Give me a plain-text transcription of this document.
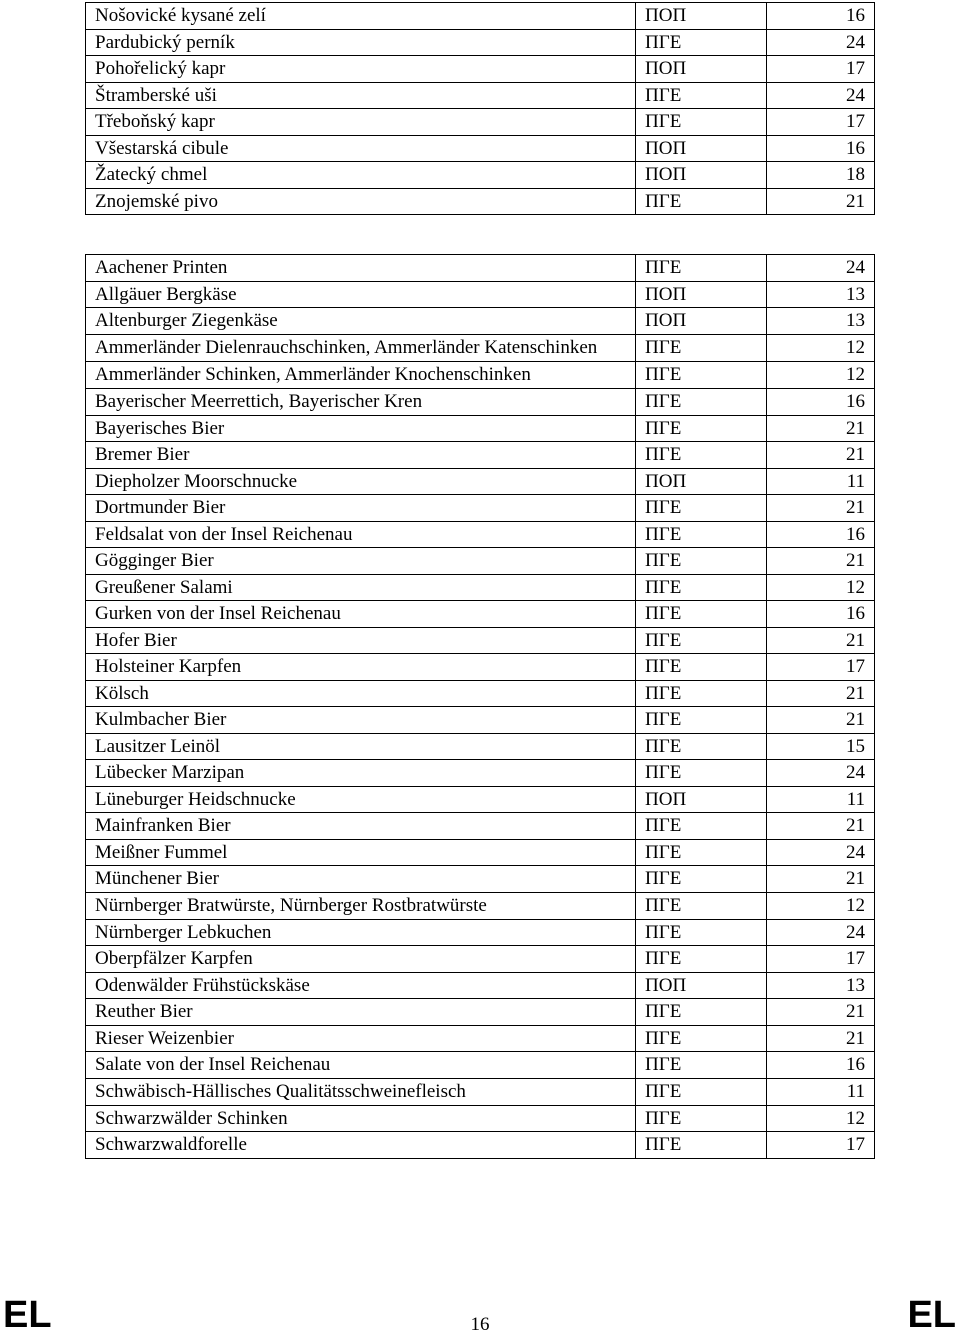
Nošovické kysané zelí	ПОП	16
Pardubický perník	ПГЕ	24
Pohořelický kapr	ПОП	17
Štramberské uši	ПГЕ	24
Třeboňský kapr	ПГЕ	17
Všestarská cibule	ПОП	16
Žatecký chmel	ПОП	18
Znojemské pivo	ПГЕ	21
Aachener Printen	ПГЕ	24
Allgäuer Bergkäse	ПОП	13
Altenburger Ziegenkäse	ПОП	13
Ammerländer Dielenrauchschinken, Ammerländer Katenschinken	ПГЕ	12
Ammerländer Schinken, Ammerländer Knochenschinken	ПГЕ	12
Bayerischer Meerrettich, Bayerischer Kren	ПГЕ	16
Bayerisches Bier	ПГЕ	21
Bremer Bier	ПГЕ	21
Diepholzer Moorschnucke	ПОП	11
Dortmunder Bier	ПГЕ	21
Feldsalat von der Insel Reichenau	ПГЕ	16
Gögginger Bier	ПГЕ	21
Greußener Salami	ПГЕ	12
Gurken von der Insel Reichenau	ПГЕ	16
Hofer Bier	ПГЕ	21
Holsteiner Karpfen	ПГЕ	17
Kölsch	ПГЕ	21
Kulmbacher Bier	ПГЕ	21
Lausitzer Leinöl	ПГЕ	15
Lübecker Marzipan	ПГЕ	24
Lüneburger Heidschnucke	ПОП	11
Mainfranken Bier	ПГЕ	21
Meißner Fummel	ПГЕ	24
Münchener Bier	ПГЕ	21
Nürnberger Bratwürste, Nürnberger Rostbratwürste	ПГЕ	12
Nürnberger Lebkuchen	ПГЕ	24
Oberpfälzer Karpfen	ПГЕ	17
Odenwälder Frühstückskäse	ПОП	13
Reuther Bier	ПГЕ	21
Rieser Weizenbier	ПГЕ	21
Salate von der Insel Reichenau	ПГЕ	16
Schwäbisch-Hällisches Qualitätsschweinefleisch	ПГЕ	11
Schwarzwälder Schinken	ПГЕ	12
Schwarzwaldforelle	ПГЕ	17
EL	16	EL
